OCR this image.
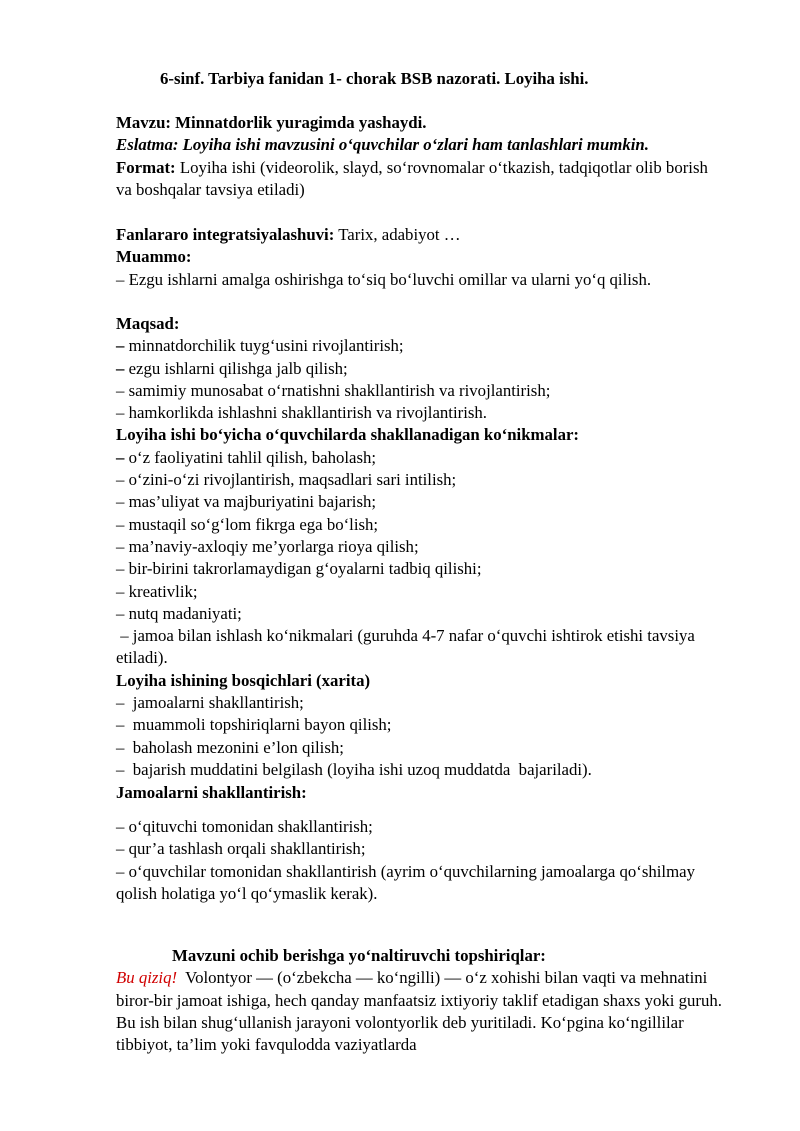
6-sinf. Tarbiya fanidan 1- chorak BSB nazorati. Loyiha ishi.
Mavzu: Minnatdorlik yuragimda yashaydi.
Eslatma: Loyiha ishi mavzusini o‘quvchilar o‘zlari ham tanlashlari mumkin.
Format: Loyiha ishi (videorolik, slayd, so‘rovnomalar o‘tkazish, tadqiqotlar olib borish va boshqalar tavsiya etiladi)
Fanlararo integratsiyalashuvi: Tarix, adabiyot …
Muammo:
– Ezgu ishlarni amalga oshirishga to‘siq bo‘luvchi omillar va ularni yo‘q qilish.
Maqsad:
– minnatdorchilik tuyg‘usini rivojlantirish;
– ezgu ishlarni qilishga jalb qilish;
– samimiy munosabat o‘rnatishni shakllantirish va rivojlantirish;
– hamkorlikda ishlashni shakllantirish va rivojlantirish.
Loyiha ishi bo‘yicha o‘quvchilarda shakllanadigan ko‘nikmalar:
– o‘z faoliyatini tahlil qilish, baholash;
– o‘zini-o‘zi rivojlantirish, maqsadlari sari intilish;
– mas’uliyat va majburiyatini bajarish;
– mustaqil so‘g‘lom fikrga ega bo‘lish;
– ma’naviy-axloqiy me’yorlarga rioya qilish;
– bir-birini takrorlamaydigan g‘oyalarni tadbiq qilishi;
– kreativlik;
– nutq madaniyati;
– jamoa bilan ishlash ko‘nikmalari (guruhda 4-7 nafar o‘quvchi ishtirok etishi tavsiya etiladi).
Loyiha ishining bosqichlari (xarita)
–  jamoalarni shakllantirish;
–  muammoli topshiriqlarni bayon qilish;
–  baholash mezonini e’lon qilish;
–  bajarish muddatini belgilash (loyiha ishi uzoq muddatda  bajariladi).
Jamoalarni shakllantirish:
– o‘qituvchi tomonidan shakllantirish;
– qur’a tashlash orqali shakllantirish;
– o‘quvchilar tomonidan shakllantirish (ayrim o‘quvchilarning jamoalarga qo‘shilmay qolish holatiga yo‘l qo‘ymaslik kerak).
Mavzuni ochib berishga yo‘naltiruvchi topshiriqlar:
Bu qiziq!  Volontyor — (o‘zbekcha — ko‘ngilli) — o‘z xohishi bilan vaqti va mehnatini biror-bir jamoat ishiga, hech qanday manfaatsiz ixtiyoriy taklif etadigan shaxs yoki guruh. Bu ish bilan shug‘ullanish jarayoni volontyorlik deb yuritiladi. Ko‘pgina ko‘ngillilar tibbiyot, ta’lim yoki favqulodda vaziyatlarda
